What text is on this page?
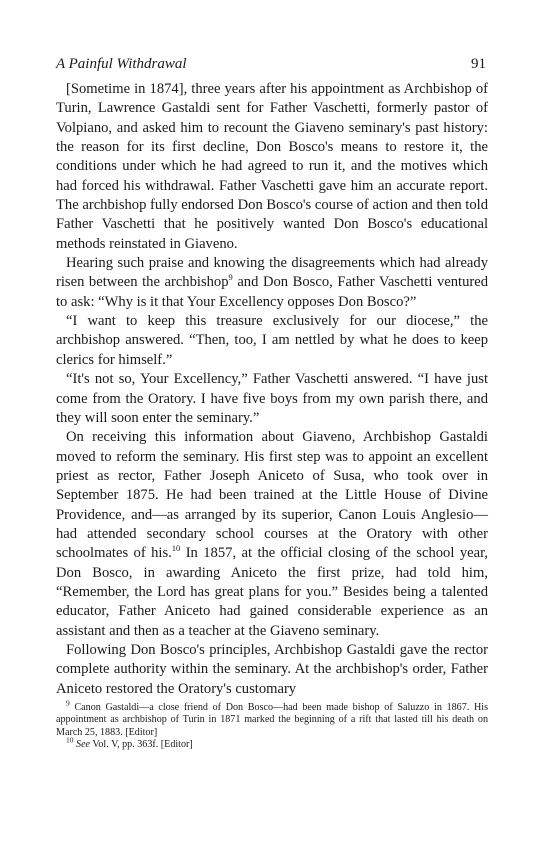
A Painful Withdrawal	91

[Sometime in 1874], three years after his appointment as Archbishop of Turin, Lawrence Gastaldi sent for Father Vaschetti, formerly pastor of Volpiano, and asked him to recount the Giaveno seminary's past history: the reason for its first decline, Don Bosco's means to restore it, the conditions under which he had agreed to run it, and the motives which had forced his withdrawal. Father Vaschetti gave him an accurate report. The archbishop fully endorsed Don Bosco's course of action and then told Father Vaschetti that he positively wanted Don Bosco's educational methods reinstated in Giaveno.

Hearing such praise and knowing the disagreements which had already risen between the archbishop$^9$ and Don Bosco, Father Vaschetti ventured to ask: “Why is it that Your Excellency opposes Don Bosco?”

“I want to keep this treasure exclusively for our diocese,” the archbishop answered. “Then, too, I am nettled by what he does to keep clerics for himself.”

“It's not so, Your Excellency,” Father Vaschetti answered. “I have just come from the Oratory. I have five boys from my own parish there, and they will soon enter the seminary.”

On receiving this information about Giaveno, Archbishop Gastaldi moved to reform the seminary. His first step was to appoint an excellent priest as rector, Father Joseph Aniceto of Susa, who took over in September 1875. He had been trained at the Little House of Divine Providence, and—as arranged by its superior, Canon Louis Anglesio—had attended secondary school courses at the Oratory with other schoolmates of his.$^{10}$ In 1857, at the official closing of the school year, Don Bosco, in awarding Aniceto the first prize, had told him, “Remember, the Lord has great plans for you.” Besides being a talented educator, Father Aniceto had gained considerable experience as an assistant and then as a teacher at the Giaveno seminary.

Following Don Bosco's principles, Archbishop Gastaldi gave the rector complete authority within the seminary. At the archbishop's order, Father Aniceto restored the Oratory's customary

$^9$ Canon Gastaldi—a close friend of Don Bosco—had been made bishop of Saluzzo in 1867. His appointment as archbishop of Turin in 1871 marked the beginning of a rift that lasted till his death on March 25, 1883. [Editor]

$^{10}$ See Vol. V, pp. 363f. [Editor]
